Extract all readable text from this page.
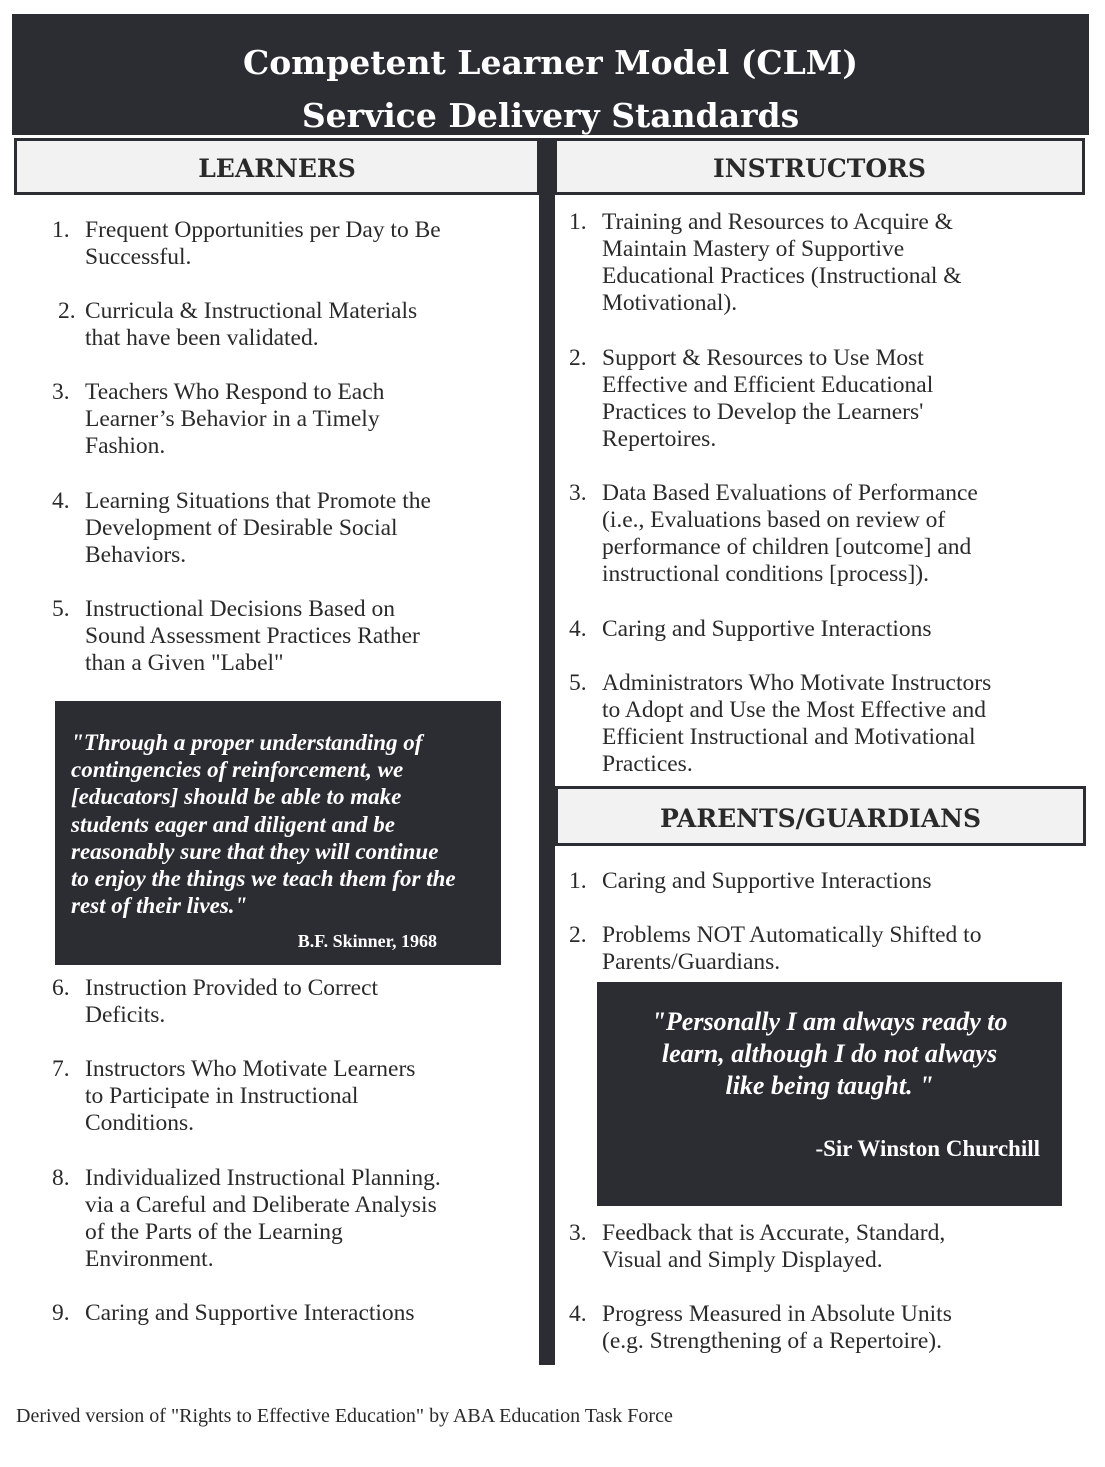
Competent Learner Model (CLM)
Service Delivery Standards
LEARNERS	INSTRUCTORS
1. Frequent Opportunities per Day to Be
Successful.
2. Curricula & Instructional Materials
that have been validated.
3. Teachers Who Respond to Each
Learner’s Behavior in a Timely
Fashion.
4. Learning Situations that Promote the
Development of Desirable Social
Behaviors.
5. Instructional Decisions Based on
Sound Assessment Practices Rather
than a Given "Label"
6. Instruction Provided to Correct
Deficits.
7. Instructors Who Motivate Learners
to Participate in Instructional
Conditions.
8. Individualized Instructional Planning.
via a Careful and Deliberate Analysis
of the Parts of the Learning
Environment.
9. Caring and Supportive Interactions
"Through a proper understanding of
contingencies of reinforcement, we
[educators] should be able to make
students eager and diligent and be
reasonably sure that they will continue
to enjoy the things we teach them for the
rest of their lives."
B.F. Skinner, 1968
1. Training and Resources to Acquire &
Maintain Mastery of Supportive
Educational Practices (Instructional &
Motivational).
2. Support & Resources to Use Most
Effective and Efficient Educational
Practices to Develop the Learners'
Repertoires.
3. Data Based Evaluations of Performance
(i.e., Evaluations based on review of
performance of children [outcome] and
instructional conditions [process]).
4. Caring and Supportive Interactions
5. Administrators Who Motivate Instructors
to Adopt and Use the Most Effective and
Efficient Instructional and Motivational
Practices.
PARENTS/GUARDIANS
1. Caring and Supportive Interactions
2. Problems NOT Automatically Shifted to
Parents/Guardians.
3. Feedback that is Accurate, Standard,
Visual and Simply Displayed.
4. Progress Measured in Absolute Units
(e.g. Strengthening of a Repertoire).
"Personally I am always ready to
learn, although I do not always
like being taught. "
-Sir Winston Churchill
Derived version of "Rights to Effective Education" by ABA Education Task Force
